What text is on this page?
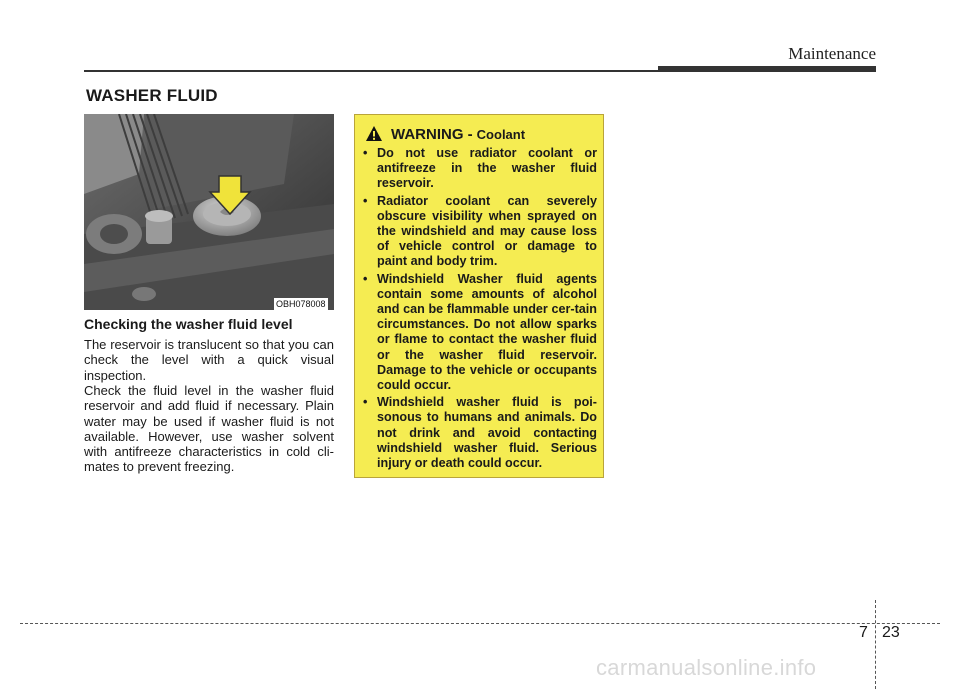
Maintenance
WASHER FLUID
OBH078008
Checking the washer fluid level

The reservoir is translucent so that you can check the level with a quick visual inspection.

Check the fluid level in the washer fluid reservoir and add fluid if necessary. Plain water may be used if washer fluid is not available. However, use washer solvent with antifreeze characteristics in cold cli-mates to prevent freezing.

WARNING - Coolant
• Do not use radiator coolant or antifreeze in the washer fluid reservoir.
• Radiator coolant can severely obscure visibility when sprayed on the windshield and may cause loss of vehicle control or damage to paint and body trim.
• Windshield Washer fluid agents contain some amounts of alcohol and can be flammable under cer-tain circumstances. Do not allow sparks or flame to contact the washer fluid or the washer fluid reservoir. Damage to the vehicle or occupants could occur.
• Windshield washer fluid is poi-sonous to humans and animals. Do not drink and avoid contacting windshield washer fluid. Serious injury or death could occur.
7 23
carmanualsonline.info
